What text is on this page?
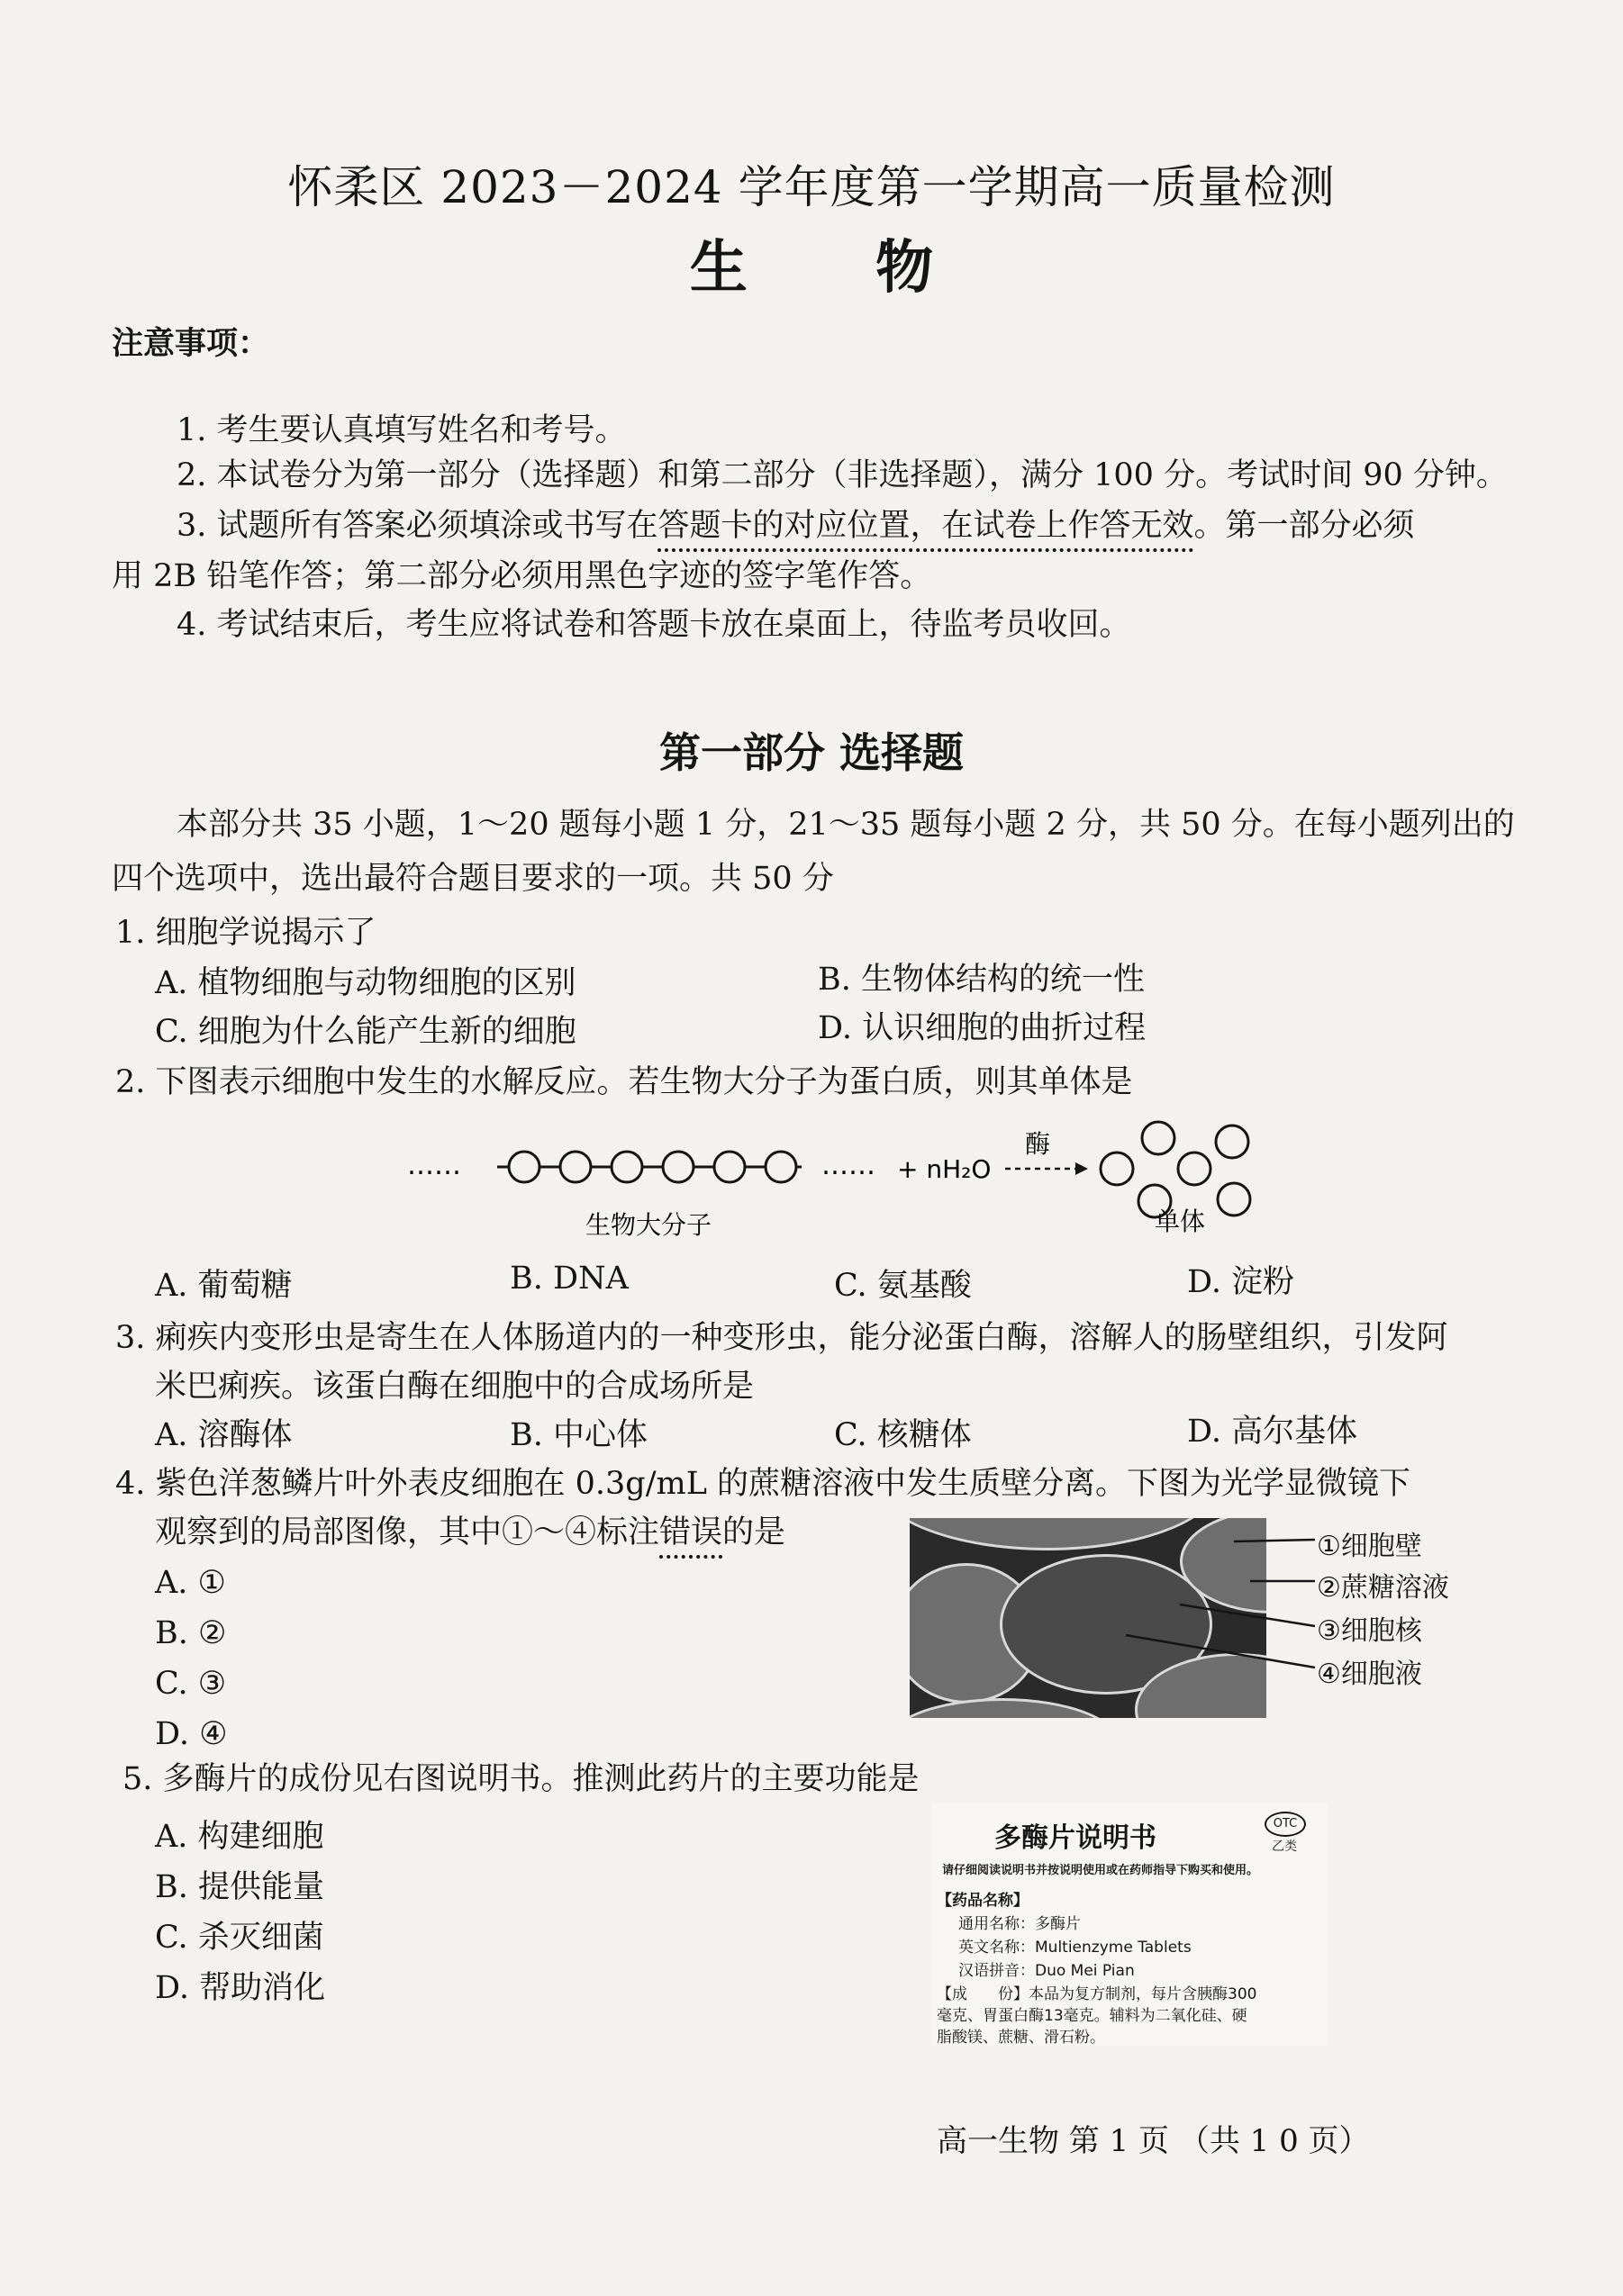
怀柔区 2023－2024 学年度第一学期高一质量检测
生 物
注意事项：
1. 考生要认真填写姓名和考号。
2. 本试卷分为第一部分（选择题）和第二部分（非选择题），满分 100 分。考试时间 90 分钟。
3. 试题所有答案必须填涂或书写在答题卡的对应位置，在试卷上作答无效。第一部分必须
用 2B 铅笔作答；第二部分必须用黑色字迹的签字笔作答。
4. 考试结束后，考生应将试卷和答题卡放在桌面上，待监考员收回。
第一部分 选择题
本部分共 35 小题，1～20 题每小题 1 分，21～35 题每小题 2 分，共 50 分。在每小题列出的
四个选项中，选出最符合题目要求的一项。共 50 分
1. 细胞学说揭示了
A. 植物细胞与动物细胞的区别	B. 生物体结构的统一性
C. 细胞为什么能产生新的细胞	D. 认识细胞的曲折过程
2. 下图表示细胞中发生的水解反应。若生物大分子为蛋白质，则其单体是
……	…… + nH₂O
酶
生物大分子	单体
A. 葡萄糖	B. DNA	C. 氨基酸	D. 淀粉
3. 痢疾内变形虫是寄生在人体肠道内的一种变形虫，能分泌蛋白酶，溶解人的肠壁组织，引发阿
米巴痢疾。该蛋白酶在细胞中的合成场所是
A. 溶酶体	B. 中心体	C. 核糖体	D. 高尔基体
4. 紫色洋葱鳞片叶外表皮细胞在 0.3g/mL 的蔗糖溶液中发生质壁分离。下图为光学显微镜下
观察到的局部图像，其中①～④标注错误的是
A. ①
B. ②
C. ③
D. ④
①细胞壁
②蔗糖溶液
③细胞核
④细胞液
5. 多酶片的成份见右图说明书。推测此药片的主要功能是
A. 构建细胞
B. 提供能量
C. 杀灭细菌
D. 帮助消化
多酶片说明书	OTC
乙类
请仔细阅读说明书并按说明使用或在药师指导下购买和使用。
【药品名称】
通用名称：多酶片
英文名称：Multienzyme Tablets
汉语拼音：Duo Mei Pian
【成　　份】本品为复方制剂，每片含胰酶300
毫克、胃蛋白酶13毫克。辅料为二氧化硅、硬
脂酸镁、蔗糖、滑石粉。
高一生物 第 1 页 （共 1 0 页）
